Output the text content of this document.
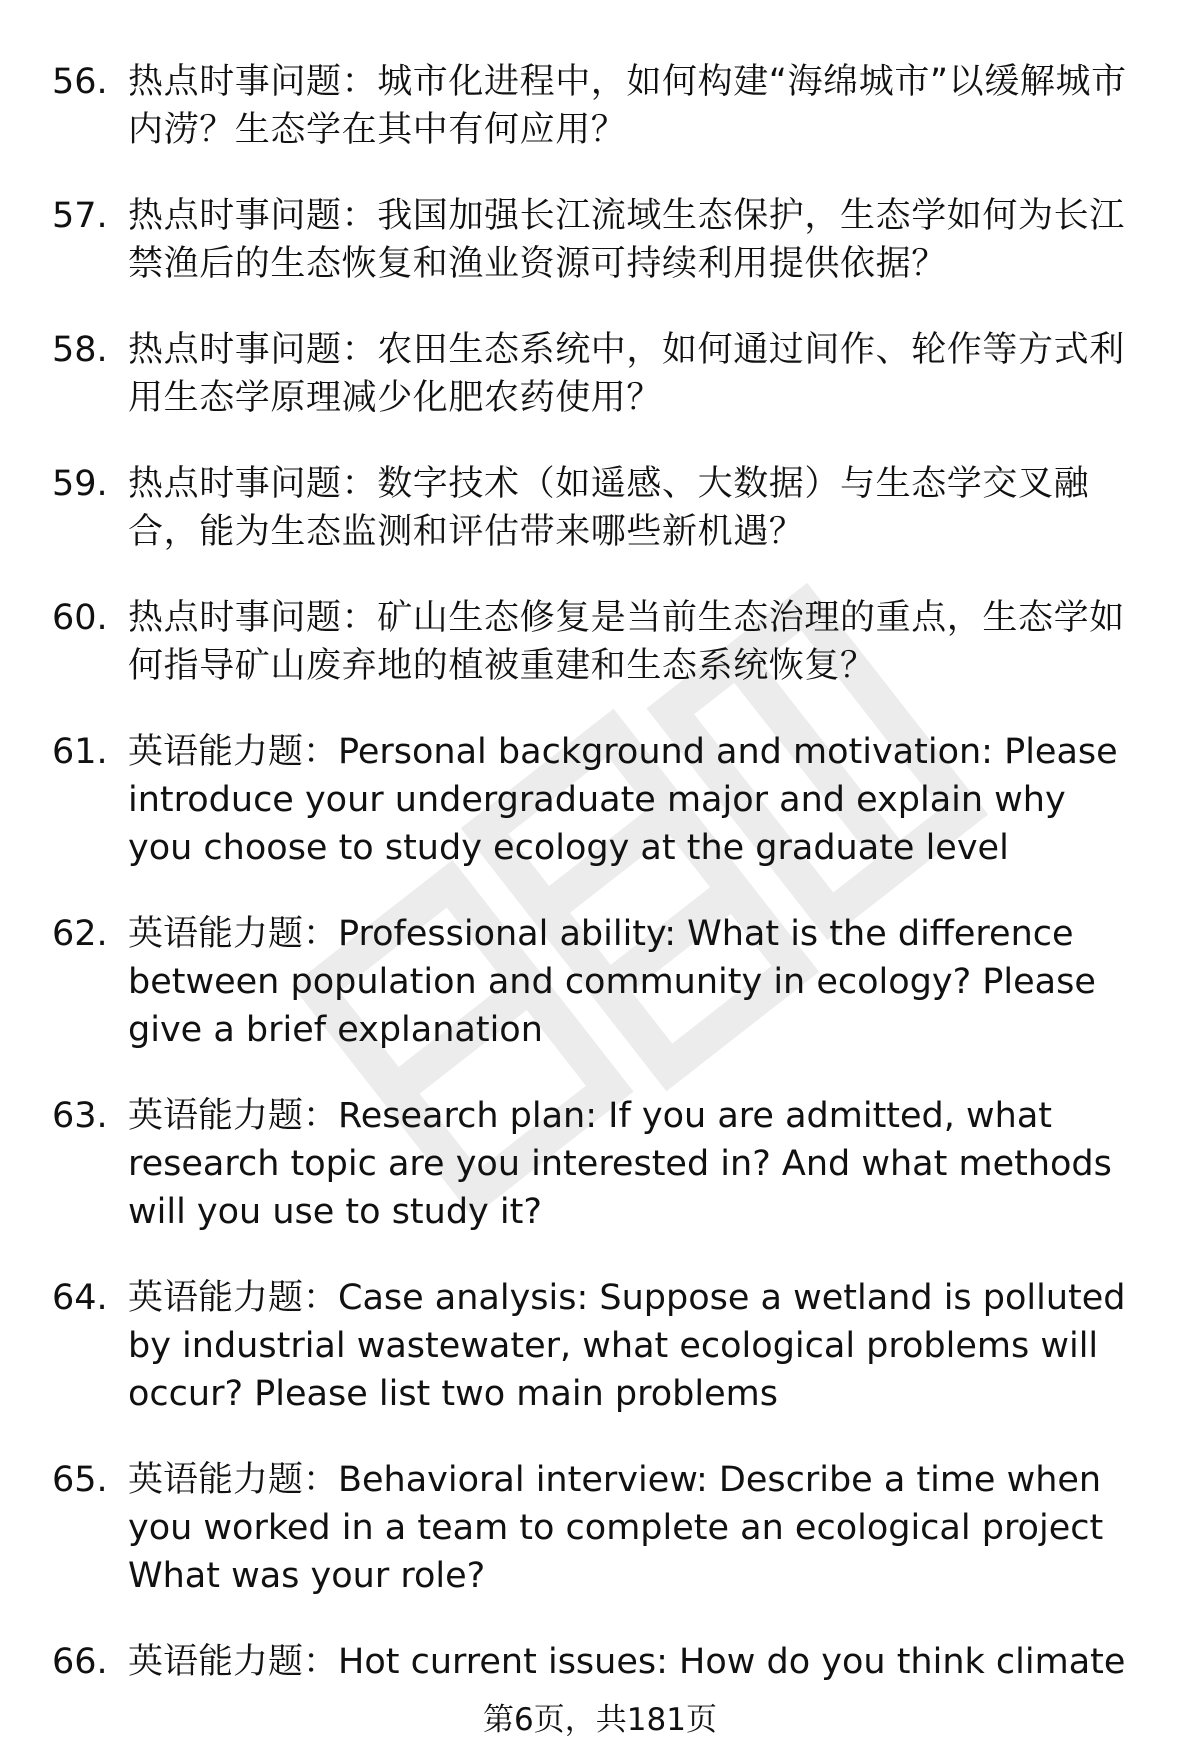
56. 热点时事问题：城市化进程中，如何构建“海绵城市”以缓解城市内涝？生态学在其中有何应用？
57. 热点时事问题：我国加强长江流域生态保护，生态学如何为长江禁渔后的生态恢复和渔业资源可持续利用提供依据？
58. 热点时事问题：农田生态系统中，如何通过间作、轮作等方式利用生态学原理减少化肥农药使用？
59. 热点时事问题：数字技术（如遥感、大数据）与生态学交叉融合，能为生态监测和评估带来哪些新机遇？
60. 热点时事问题：矿山生态修复是当前生态治理的重点，生态学如何指导矿山废弃地的植被重建和生态系统恢复？
61. 英语能力题：Personal background and motivation: Please introduce your undergraduate major and explain why you choose to study ecology at the graduate level
62. 英语能力题：Professional ability: What is the difference between population and community in ecology? Please give a brief explanation
63. 英语能力题：Research plan: If you are admitted, what research topic are you interested in? And what methods will you use to study it?
64. 英语能力题：Case analysis: Suppose a wetland is polluted by industrial wastewater, what ecological problems will occur? Please list two main problems
65. 英语能力题：Behavioral interview: Describe a time when you worked in a team to complete an ecological project What was your role?
66. 英语能力题：Hot current issues: How do you think climate
第6页，共181页
